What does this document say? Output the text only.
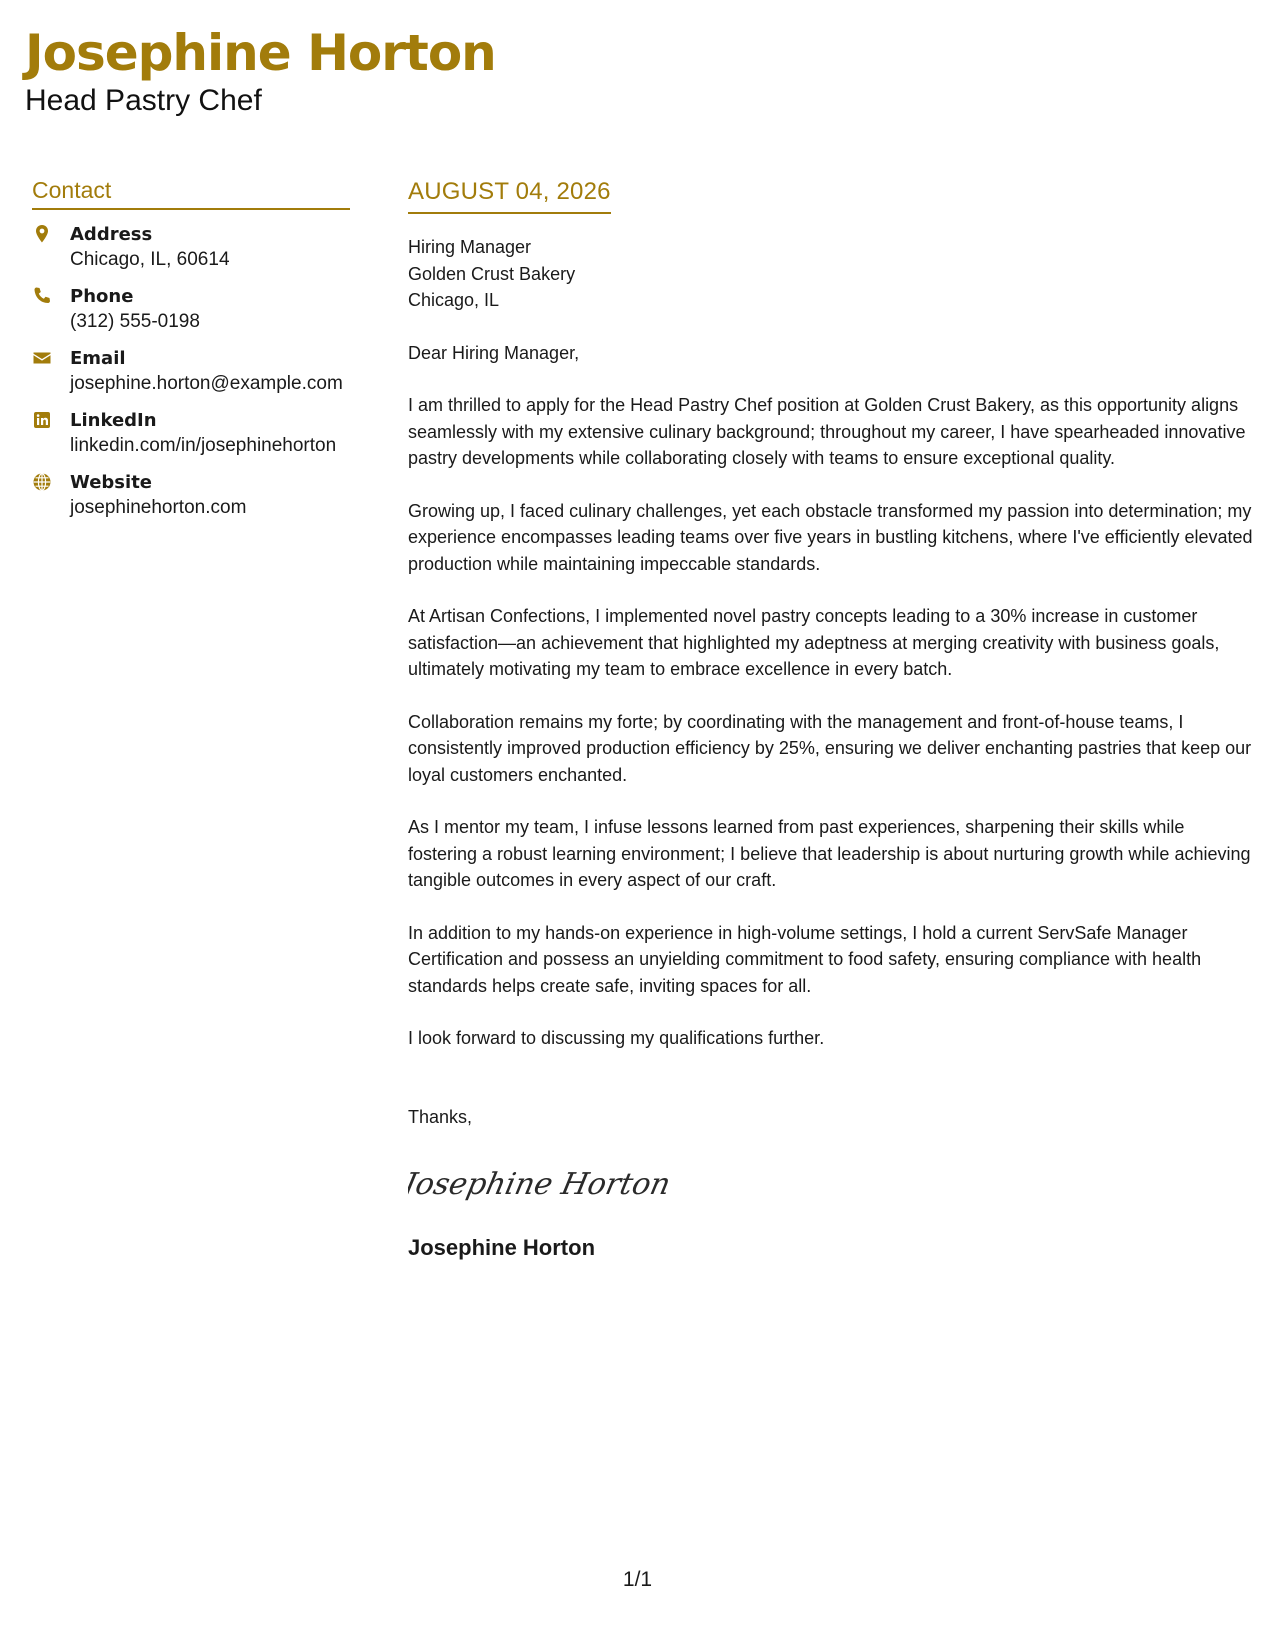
Josephine Horton
Head Pastry Chef
Contact
Address
Chicago, IL, 60614
Phone
(312) 555-0198
Email
josephine.horton@example.com
LinkedIn
linkedin.com/in/josephinehorton
Website
josephinehorton.com
AUGUST 04, 2026
Hiring Manager
Golden Crust Bakery
Chicago, IL
Dear Hiring Manager,
I am thrilled to apply for the Head Pastry Chef position at Golden Crust Bakery, as this opportunity aligns seamlessly with my extensive culinary background; throughout my career, I have spearheaded innovative pastry developments while collaborating closely with teams to ensure exceptional quality.
Growing up, I faced culinary challenges, yet each obstacle transformed my passion into determination; my experience encompasses leading teams over five years in bustling kitchens, where I've efficiently elevated production while maintaining impeccable standards.
At Artisan Confections, I implemented novel pastry concepts leading to a 30% increase in customer satisfaction—an achievement that highlighted my adeptness at merging creativity with business goals, ultimately motivating my team to embrace excellence in every batch.
Collaboration remains my forte; by coordinating with the management and front-of-house teams, I consistently improved production efficiency by 25%, ensuring we deliver enchanting pastries that keep our loyal customers enchanted.
As I mentor my team, I infuse lessons learned from past experiences, sharpening their skills while fostering a robust learning environment; I believe that leadership is about nurturing growth while achieving tangible outcomes in every aspect of our craft.
In addition to my hands-on experience in high-volume settings, I hold a current ServSafe Manager Certification and possess an unyielding commitment to food safety, ensuring compliance with health standards helps create safe, inviting spaces for all.
I look forward to discussing my qualifications further.
Thanks,
Josephine Horton
Josephine Horton
1/1
